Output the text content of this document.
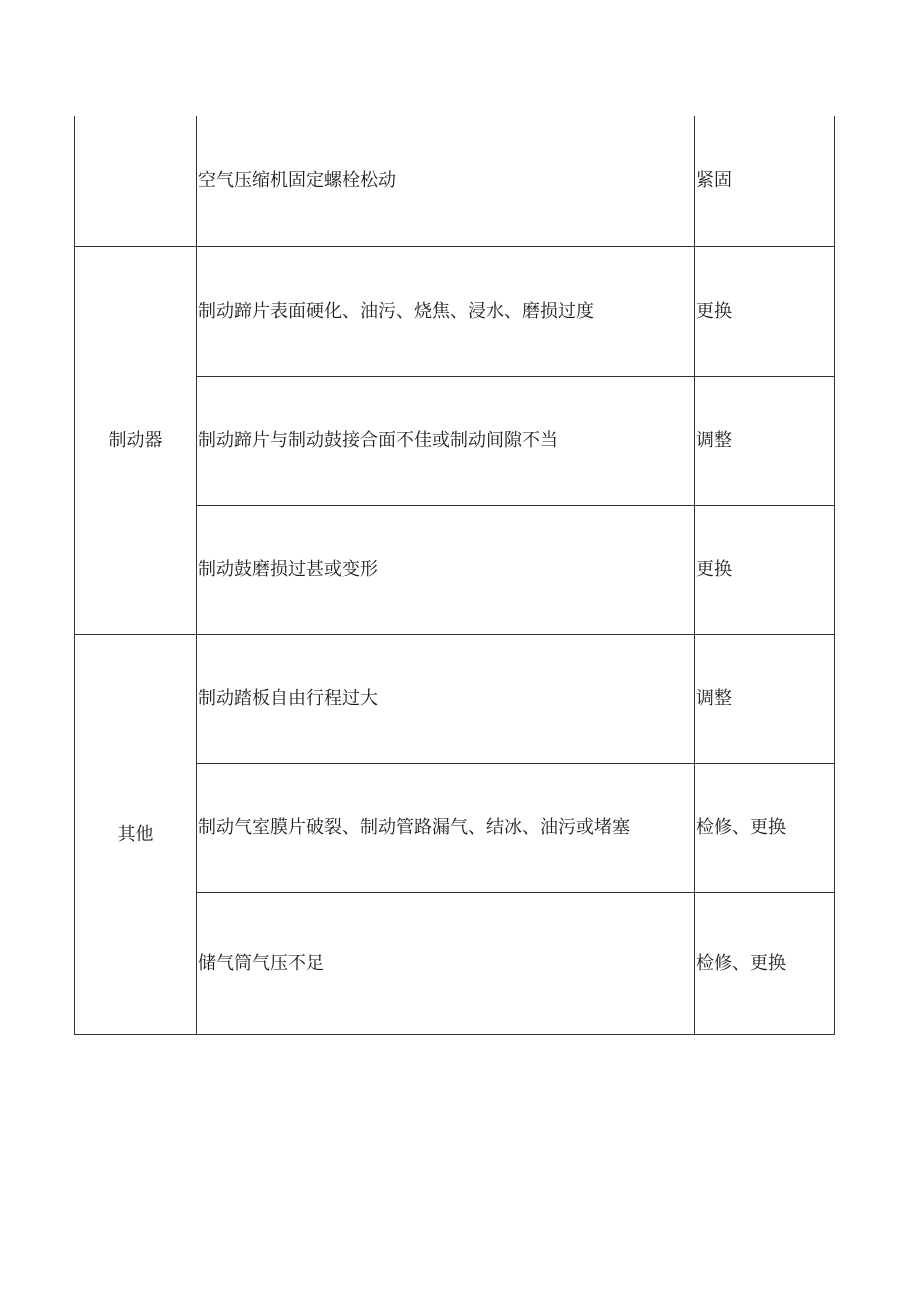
制动器
其他
空气压缩机固定螺栓松动
制动蹄片表面硬化、油污、烧焦、浸水、磨损过度
制动蹄片与制动鼓接合面不佳或制动间隙不当
制动鼓磨损过甚或变形
制动踏板自由行程过大
制动气室膜片破裂、制动管路漏气、结冰、油污或堵塞
储气筒气压不足
紧固
更换
调整
更换
调整
检修、更换
检修、更换
